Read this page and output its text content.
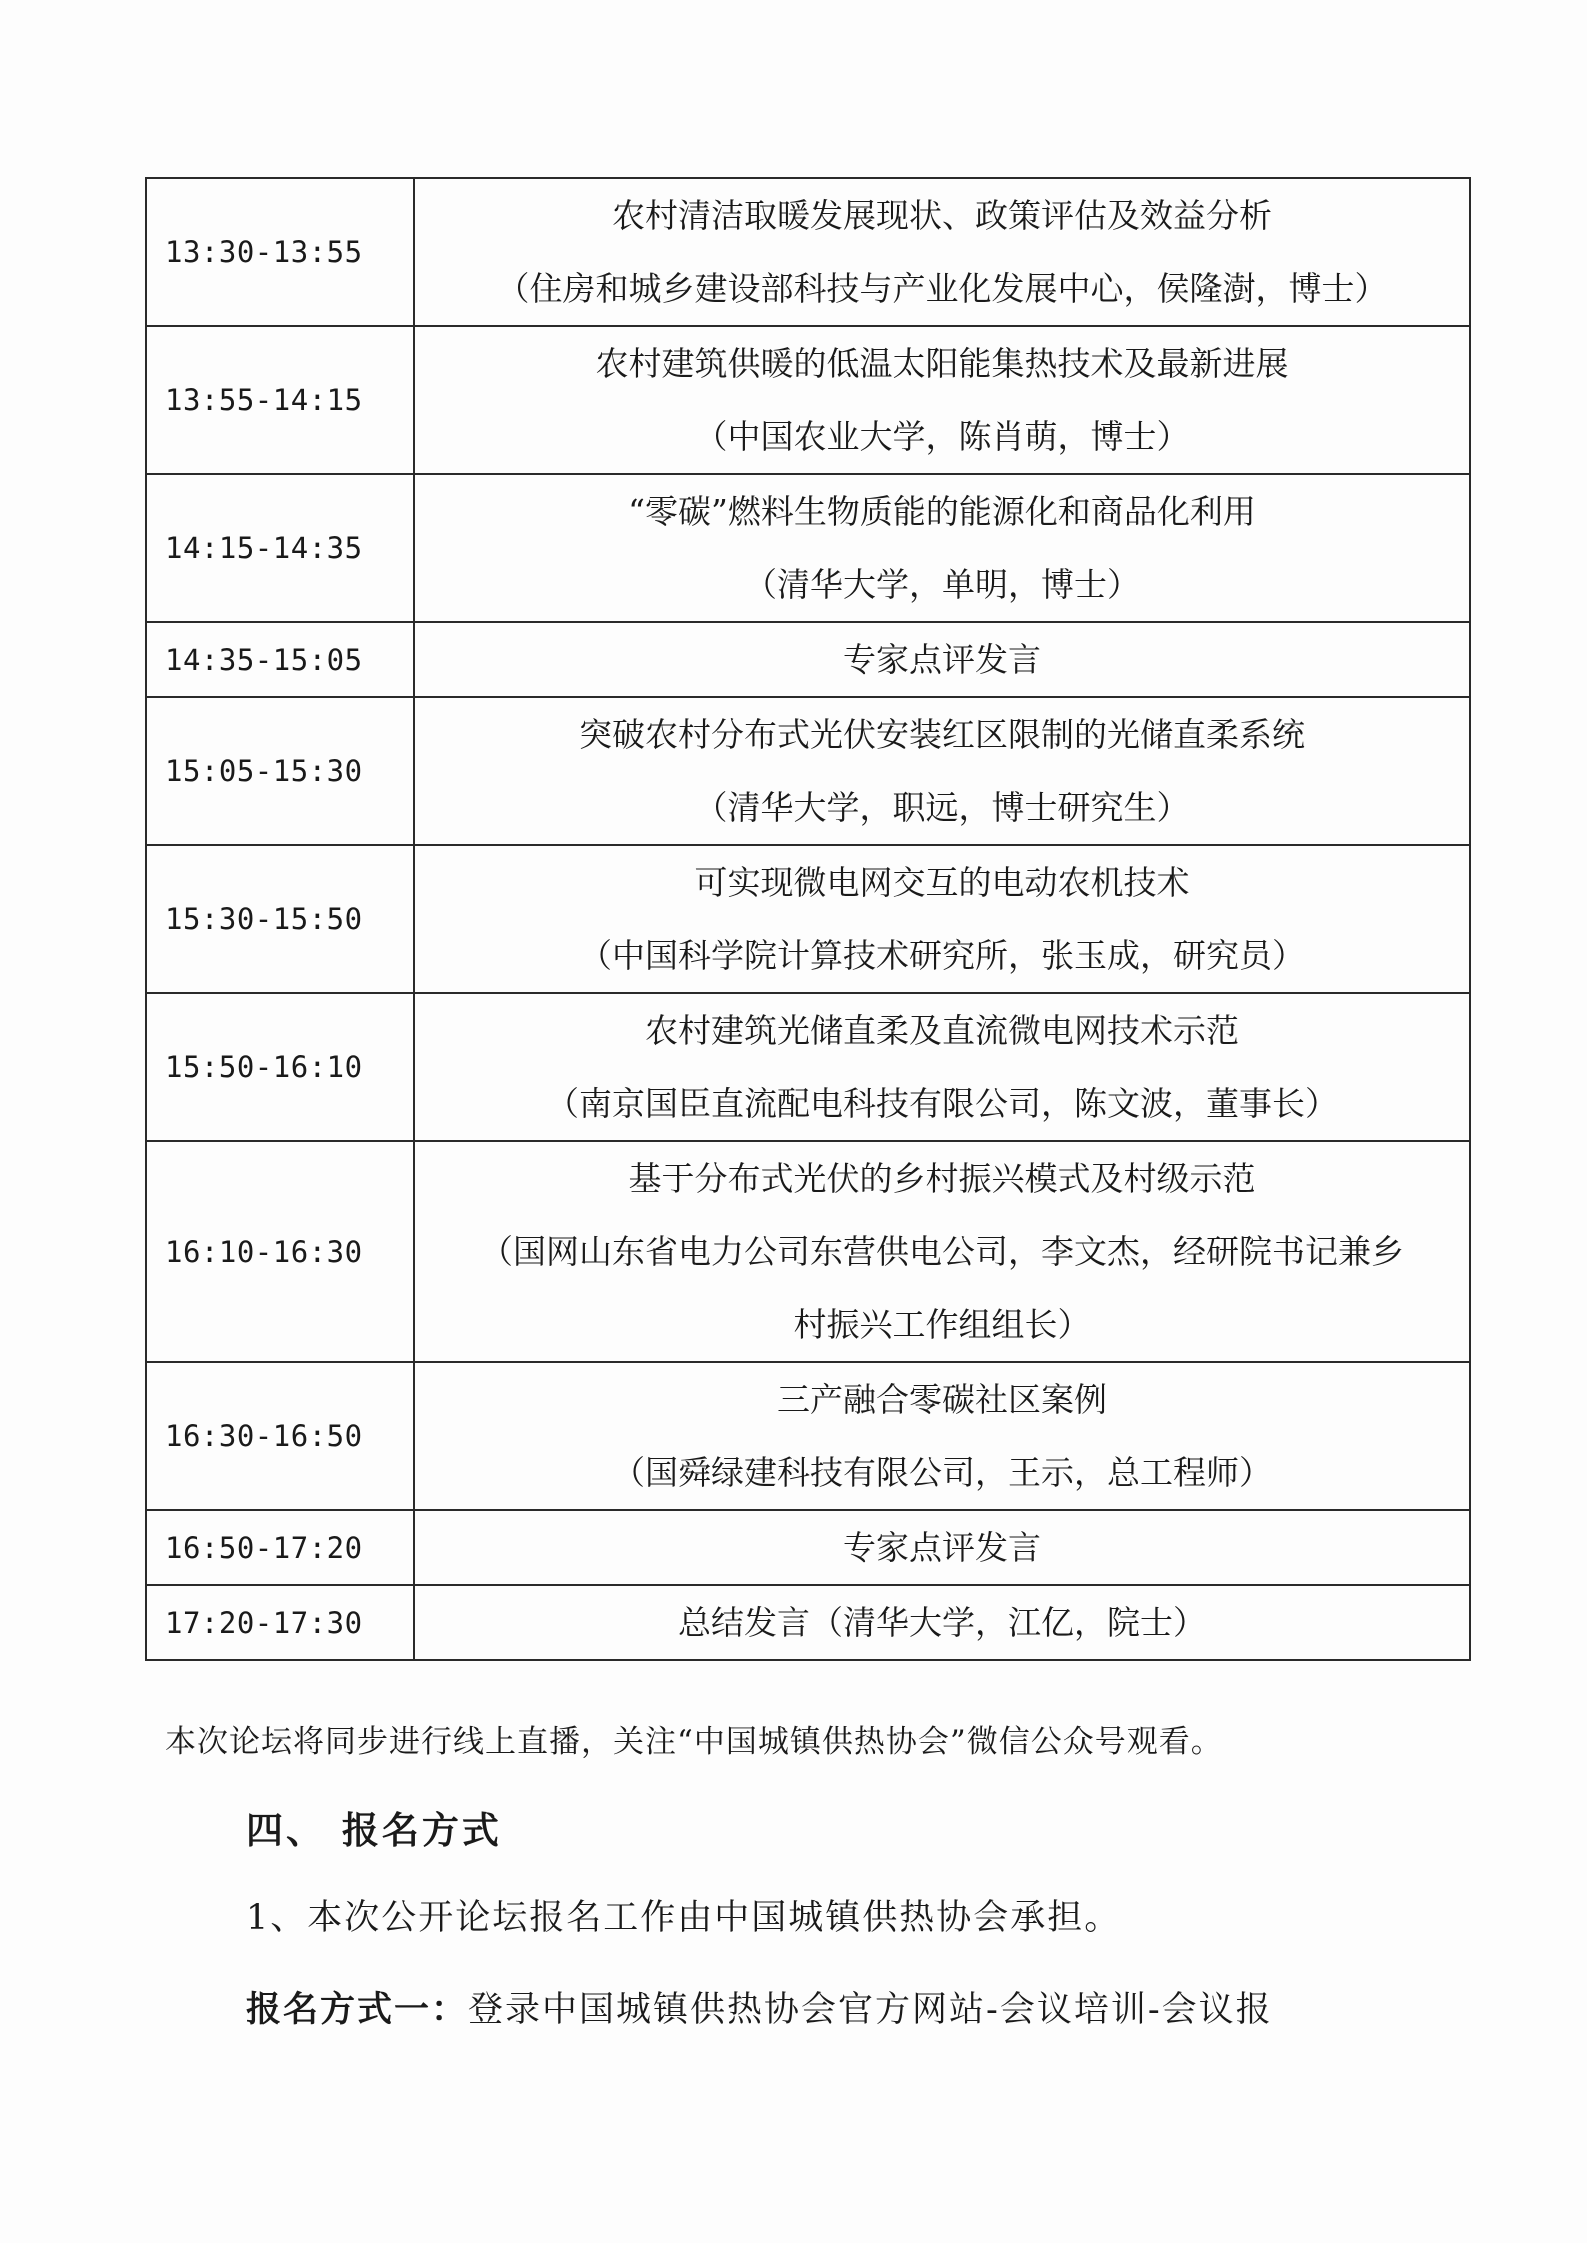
13:30-13:55	农村清洁取暖发展现状、政策评估及效益分析
（住房和城乡建设部科技与产业化发展中心，侯隆澍，博士）

13:55-14:15	农村建筑供暖的低温太阳能集热技术及最新进展
（中国农业大学，陈肖萌，博士）

14:15-14:35	“零碳”燃料生物质能的能源化和商品化利用
（清华大学，单明，博士）

14:35-15:05	专家点评发言

15:05-15:30	突破农村分布式光伏安装红区限制的光储直柔系统
（清华大学，职远，博士研究生）

15:30-15:50	可实现微电网交互的电动农机技术
（中国科学院计算技术研究所，张玉成，研究员）

15:50-16:10	农村建筑光储直柔及直流微电网技术示范
（南京国臣直流配电科技有限公司，陈文波，董事长）

16:10-16:30	基于分布式光伏的乡村振兴模式及村级示范
（国网山东省电力公司东营供电公司，李文杰，经研院书记兼乡
村振兴工作组组长）

16:30-16:50	三产融合零碳社区案例
（国舜绿建科技有限公司，王示，总工程师）

16:50-17:20	专家点评发言

17:20-17:30	总结发言（清华大学，江亿，院士）
本次论坛将同步进行线上直播，关注“中国城镇供热协会”微信公众号观看。
四、 报名方式
1、本次公开论坛报名工作由中国城镇供热协会承担。
报名方式一：登录中国城镇供热协会官方网站-会议培训-会议报
